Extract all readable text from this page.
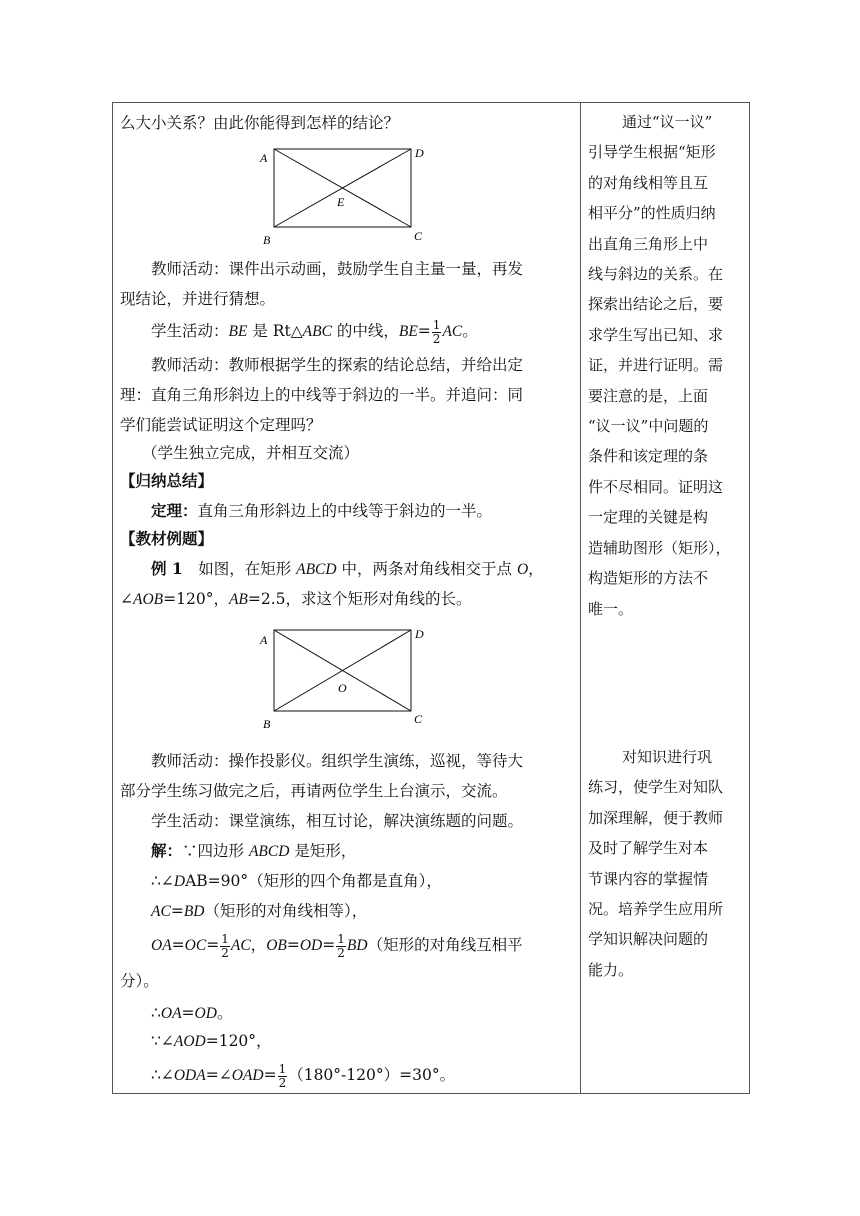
么大小关系？由此你能得到怎样的结论？
A	D
B	C
E
教师活动：课件出示动画，鼓励学生自主量一量，再发
现结论，并进行猜想。
学生活动：BE 是 Rt△ABC 的中线，$BE= \frac{1}{2}$ AC。
教师活动：教师根据学生的探索的结论总结，并给出定
理：直角三角形斜边上的中线等于斜边的一半。并追问：同
学们能尝试证明这个定理吗？
（学生独立完成，并相互交流）
【归纳总结】
定理：直角三角形斜边上的中线等于斜边的一半。
【教材例题】
例 1　如图，在矩形 ABCD 中，两条对角线相交于点 O，
∠AOB=120°，AB=2.5，求这个矩形对角线的长。
A	D
B	C
O
教师活动：操作投影仪。组织学生演练，巡视，等待大
部分学生练习做完之后，再请两位学生上台演示，交流。
学生活动：课堂演练，相互讨论，解决演练题的问题。
解：∵四边形 ABCD 是矩形，
∴∠DAB=90°（矩形的四个角都是直角），
AC=BD（矩形的对角线相等），
$OA=OC= \frac{1}{2}$ AC，$OB=OD= \frac{1}{2} BD$（矩形的对角线互相平
分）。
∴OA=OD。
∵∠AOD=120°，
∴∠ODA=∠OAD= $\frac{1}{2} (180^\circ-120^\circ)=30^\circ$。
通过“议一议”
引导学生根据“矩形
的对角线相等且互
相平分”的性质归纳
出直角三角形上中
线与斜边的关系。在
探索出结论之后，要
求学生写出已知、求
证，并进行证明。需
要注意的是，上面
“议一议”中问题的
条件和该定理的条
件不尽相同。证明这
一定理的关键是构
造辅助图形（矩形），
构造矩形的方法不
唯一。
对知识进行巩
练习，使学生对知队
加深理解，便于教师
及时了解学生对本
节课内容的掌握情
况。培养学生应用所
学知识解决问题的
能力。
